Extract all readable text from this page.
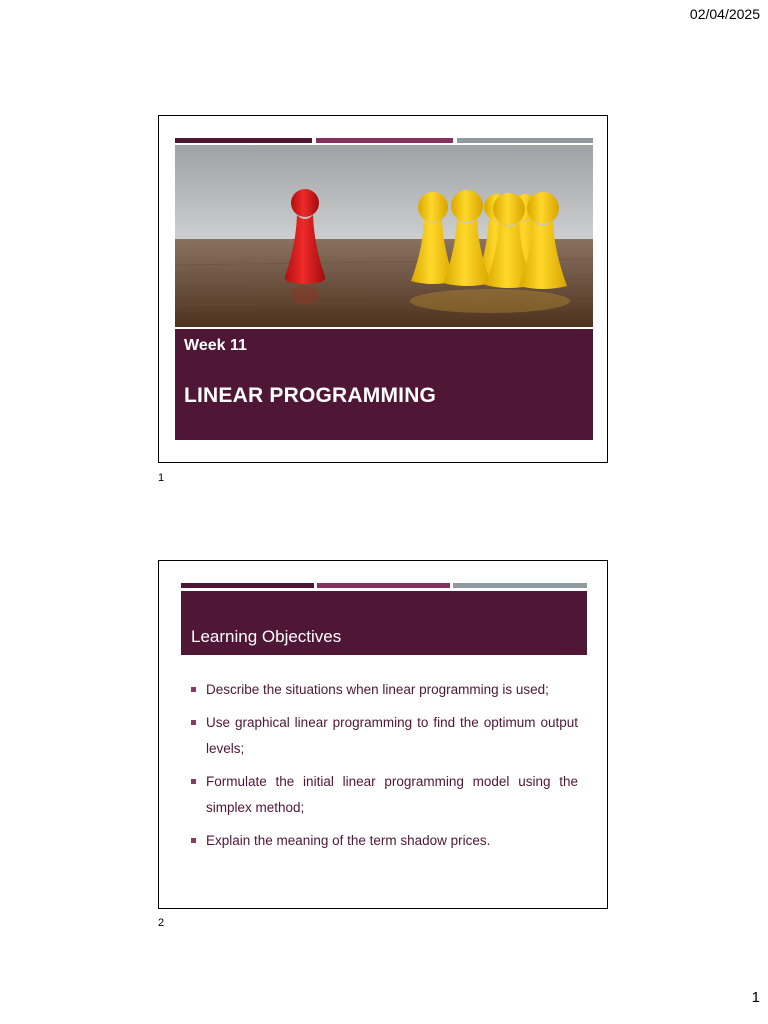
02/04/2025
Week 11
LINEAR PROGRAMMING
1
Learning Objectives
Describe the situations when linear programming is used;
Use graphical linear programming to find the optimum output levels;
Formulate the initial linear programming model using the simplex method;
Explain the meaning of the term shadow prices.
2
1
